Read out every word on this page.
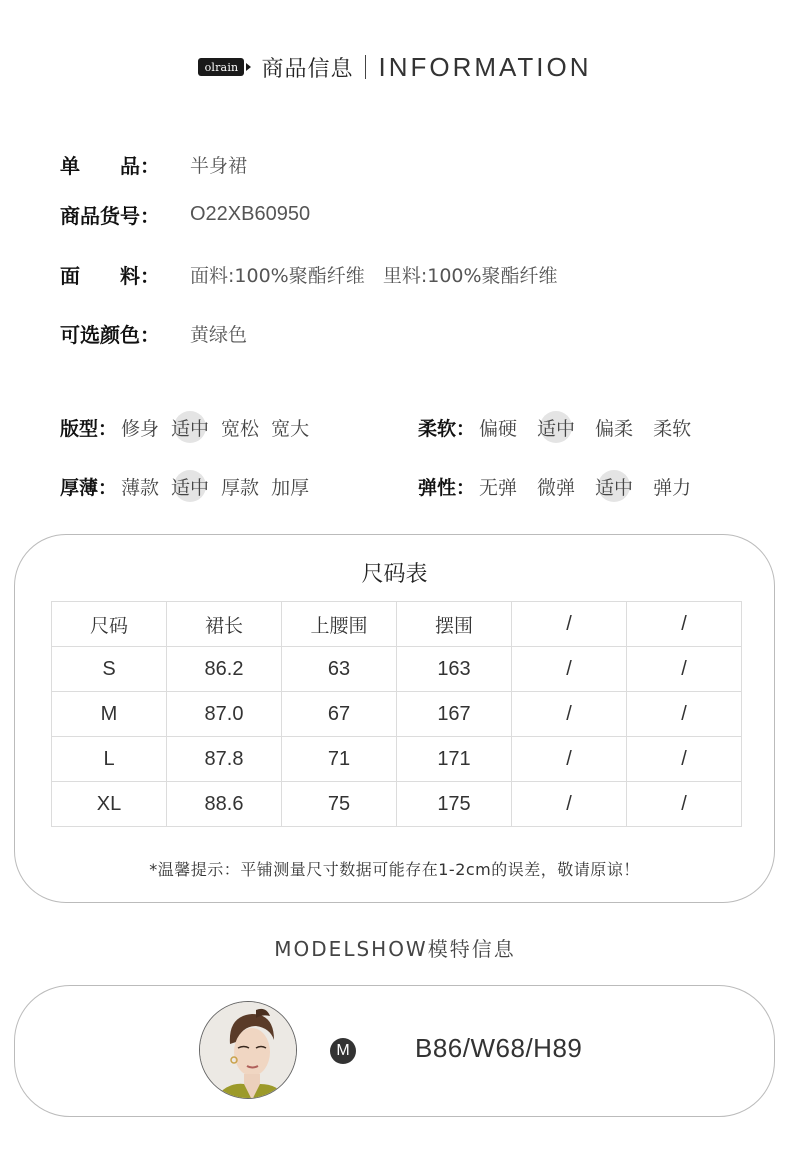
olrain 商品信息 INFORMATION
单 品： 半身裙
商品货号：	O22XB60950
面 料： 面料:100%聚酯纤维   里料:100%聚酯纤维
可选颜色：	黄绿色
版型： 修身 适中 宽松 宽大	柔软： 偏硬 适中 偏柔 柔软
厚薄： 薄款 适中 厚款 加厚	弹性： 无弹 微弹 适中 弹力
尺码表
尺码	裙长	上腰围	摆围	/	/
S	86.2	63	163	/	/
M	87.0	67	167	/	/
L	87.8	71	171	/	/
XL	88.6	75	175	/	/
*温馨提示：平铺测量尺寸数据可能存在1-2cm的误差，敬请原谅！
MODELSHOW模特信息
M	B86/W68/H89
